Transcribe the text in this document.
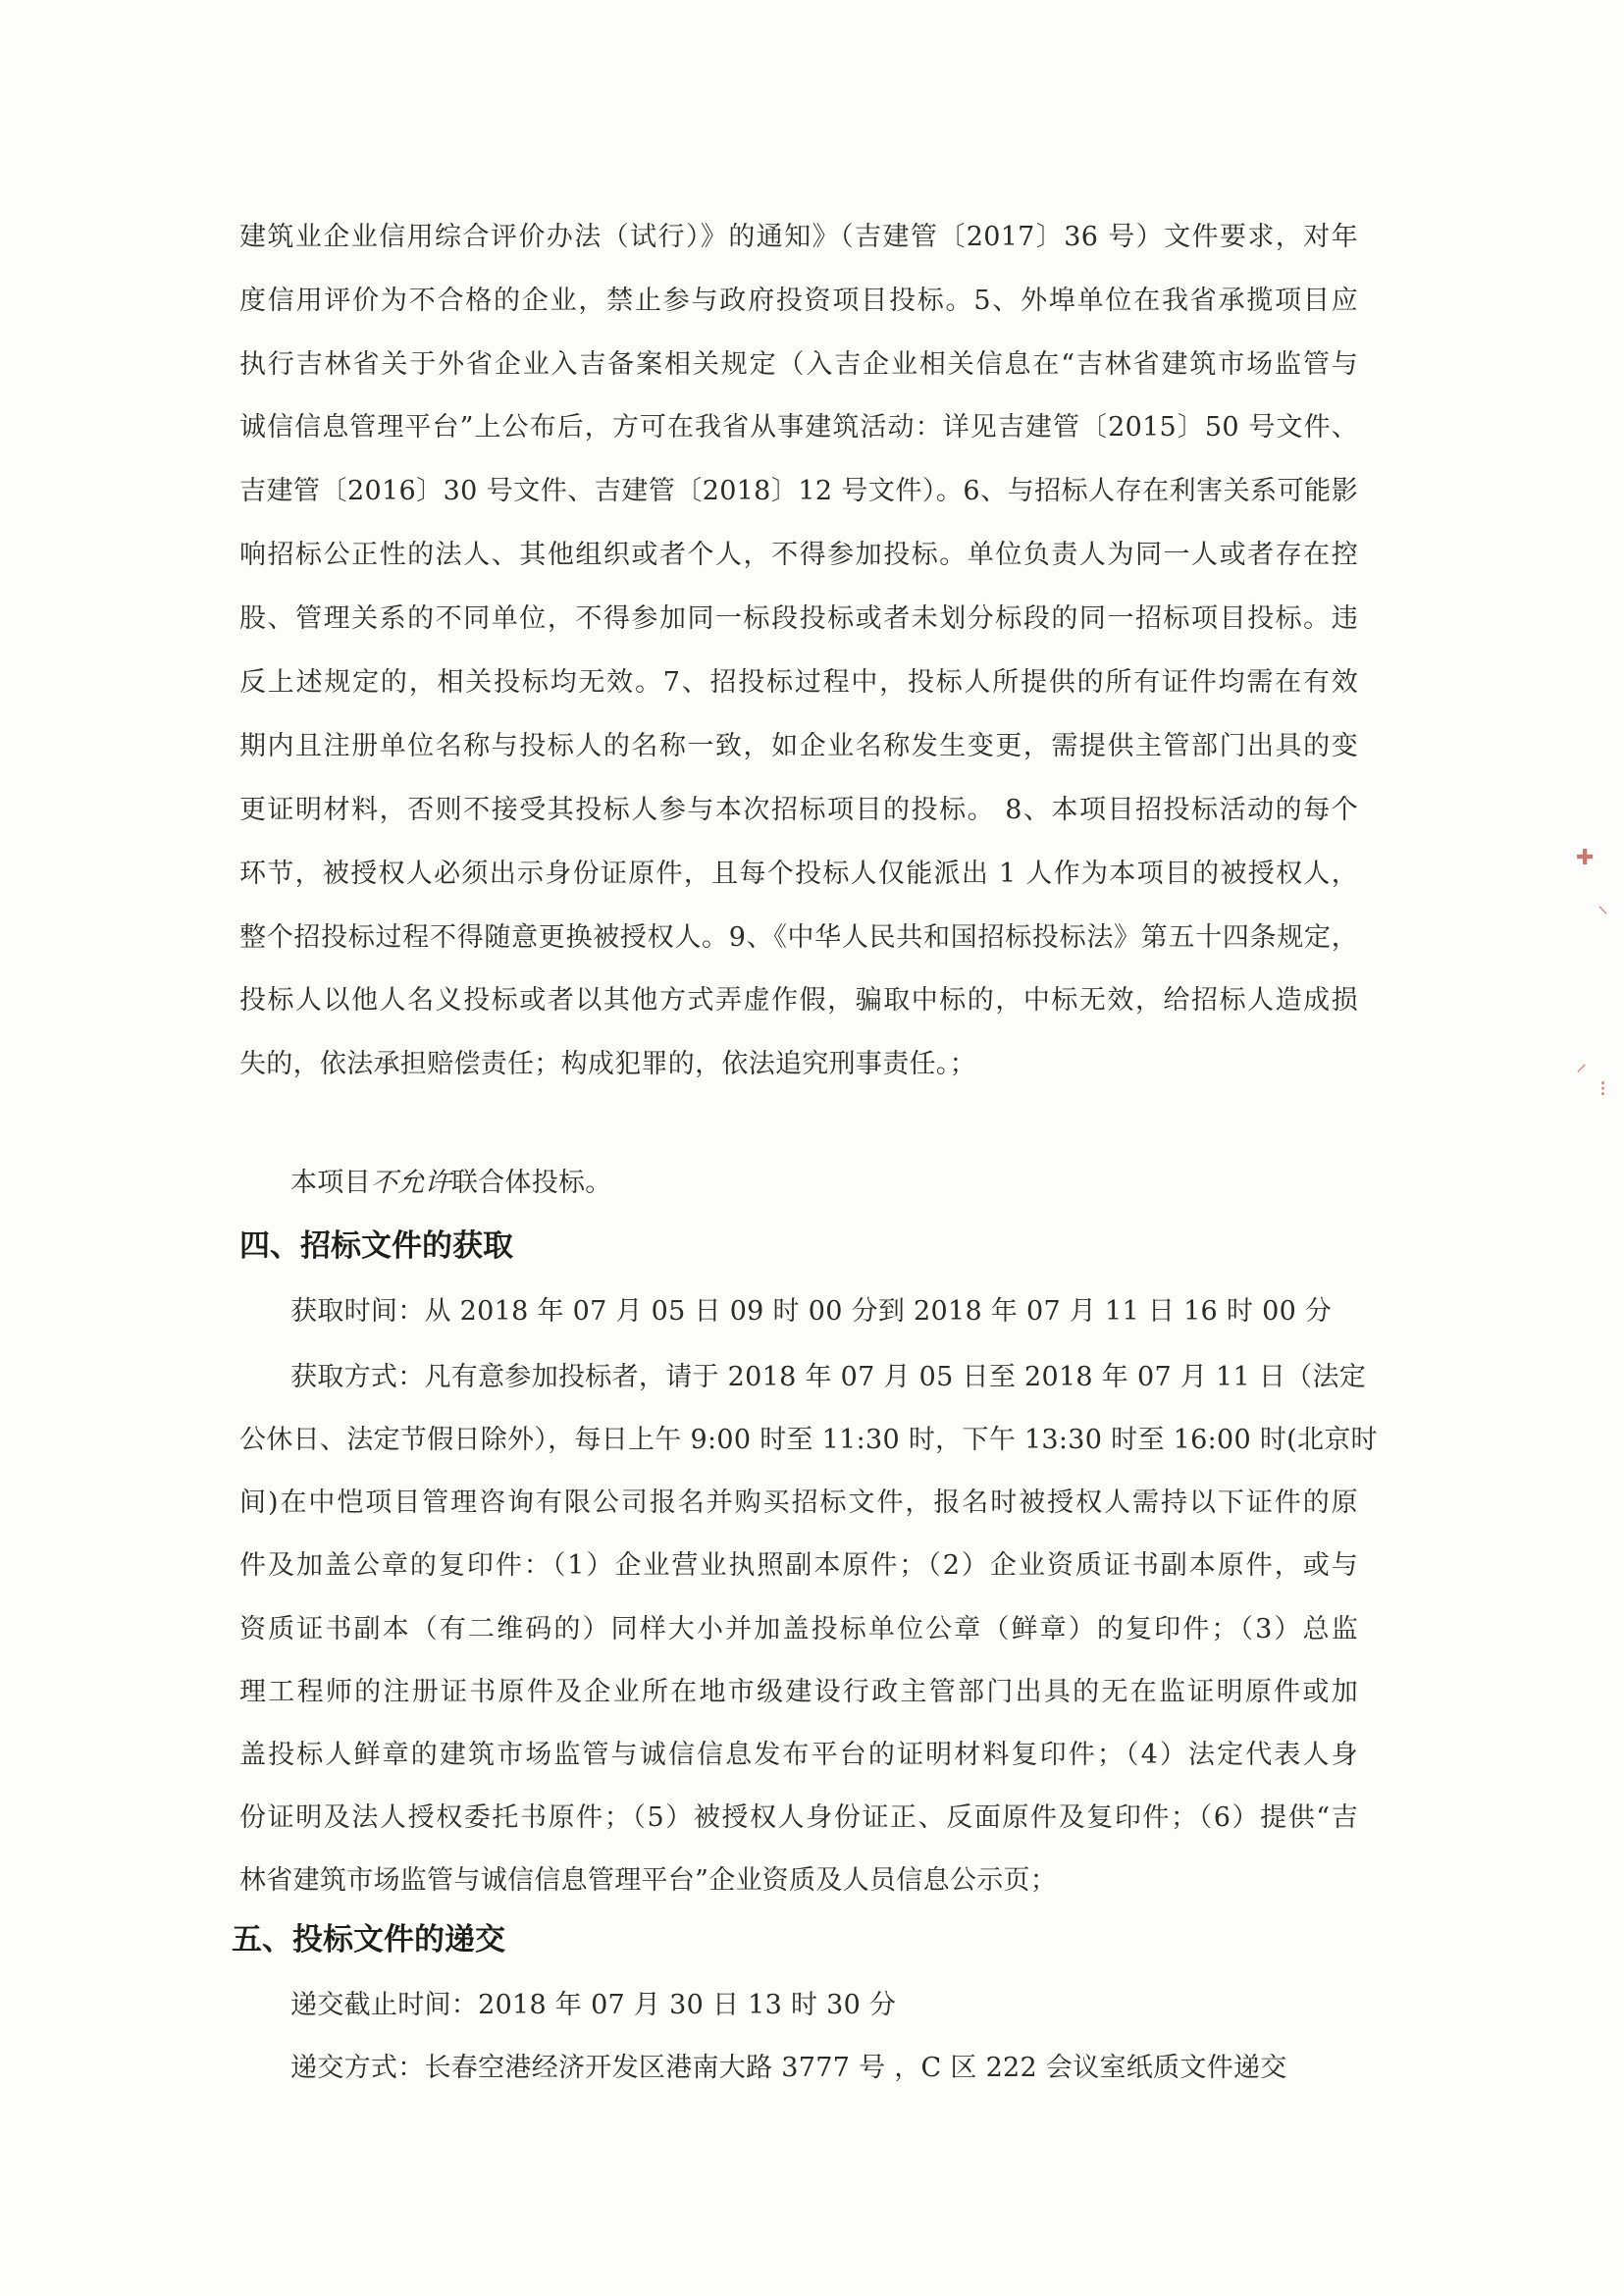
建筑业企业信用综合评价办法（试行）》的通知》（吉建管〔2017〕36 号）文件要求，对年
度信用评价为不合格的企业，禁止参与政府投资项目投标。5、外埠单位在我省承揽项目应
执行吉林省关于外省企业入吉备案相关规定（入吉企业相关信息在“吉林省建筑市场监管与
诚信信息管理平台”上公布后，方可在我省从事建筑活动：详见吉建管〔2015〕50 号文件、
吉建管〔2016〕30 号文件、吉建管〔2018〕12 号文件）。6、与招标人存在利害关系可能影
响招标公正性的法人、其他组织或者个人，不得参加投标。单位负责人为同一人或者存在控
股、管理关系的不同单位，不得参加同一标段投标或者未划分标段的同一招标项目投标。违
反上述规定的，相关投标均无效。7、招投标过程中，投标人所提供的所有证件均需在有效
期内且注册单位名称与投标人的名称一致，如企业名称发生变更，需提供主管部门出具的变
更证明材料，否则不接受其投标人参与本次招标项目的投标。 8、本项目招投标活动的每个
环节，被授权人必须出示身份证原件，且每个投标人仅能派出 1 人作为本项目的被授权人，
整个招投标过程不得随意更换被授权人。9、《中华人民共和国招标投标法》第五十四条规定，
投标人以他人名义投标或者以其他方式弄虚作假，骗取中标的，中标无效，给招标人造成损
失的，依法承担赔偿责任；构成犯罪的，依法追究刑事责任。；
本项目不允许联合体投标。
四、招标文件的获取
获取时间：从 2018 年 07 月 05 日 09 时 00 分到 2018 年 07 月 11 日 16 时 00 分
获取方式：凡有意参加投标者，请于 2018 年 07 月 05 日至 2018 年 07 月 11 日（法定
公休日、法定节假日除外），每日上午 9:00 时至 11:30 时，下午 13:30 时至 16:00 时(北京时
间)在中恺项目管理咨询有限公司报名并购买招标文件，报名时被授权人需持以下证件的原
件及加盖公章的复印件：（1）企业营业执照副本原件；（2）企业资质证书副本原件，或与
资质证书副本（有二维码的）同样大小并加盖投标单位公章（鲜章）的复印件；（3）总监
理工程师的注册证书原件及企业所在地市级建设行政主管部门出具的无在监证明原件或加
盖投标人鲜章的建筑市场监管与诚信信息发布平台的证明材料复印件；（4）法定代表人身
份证明及法人授权委托书原件；（5）被授权人身份证正、反面原件及复印件；（6）提供“吉
林省建筑市场监管与诚信信息管理平台”企业资质及人员信息公示页；
五、投标文件的递交
递交截止时间：2018 年 07 月 30 日 13 时 30 分
递交方式：长春空港经济开发区港南大路 3777 号 ，C 区 222 会议室纸质文件递交
✚
⸌
⸝
⁝
